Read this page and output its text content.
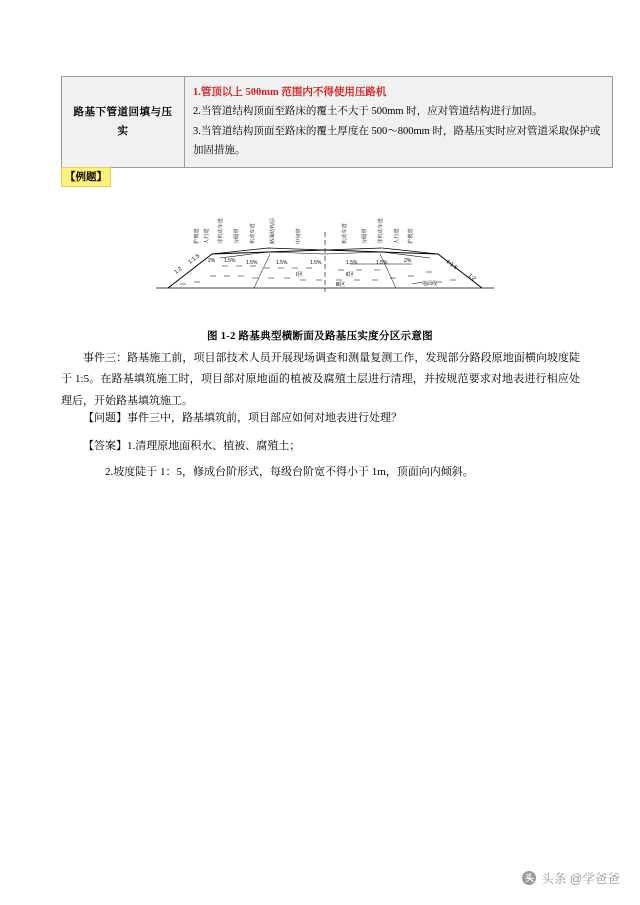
路基下管道回填与压实	

1.管顶以上 500mm 范围内不得使用压路机

2.当管道结构顶面至路床的覆土不大于 500mm 时，应对管道结构进行加固。

3.当管道结构顶面至路床的覆土厚度在 500～800mm 时，路基压实时应对管道采取保护或加固措施。

【例题】
护坡道 人行道	非机动车道	分隔带	机动车道	路面结构层	中间带	机动车道	分隔带	非机动车道	人行道	护坡道
2% 1.5% 1.5%	1.5%	1.5%	1.5%	1.5%	2%
1:2
1:1.5	1:1.5
1:2
Ⅰ区	Ⅱ区
Ⅲ区	地面线
图 1-2 路基典型横断面及路基压实度分区示意图
事件三：路基施工前，项目部技术人员开展现场调查和测量复测工作，发现部分路段原地面横向坡度陡于 1:5。在路基填筑施工时，项目部对原地面的植被及腐殖土层进行清理，并按规范要求对地表进行相应处理后，开始路基填筑施工。
【问题】事件三中，路基填筑前，项目部应如何对地表进行处理？
【答案】1.清理原地面积水、植被、腐殖土；
2.坡度陡于 1：5，修成台阶形式，每级台阶宽不得小于 1m，顶面向内倾斜。
头 头条 @学爸爸
